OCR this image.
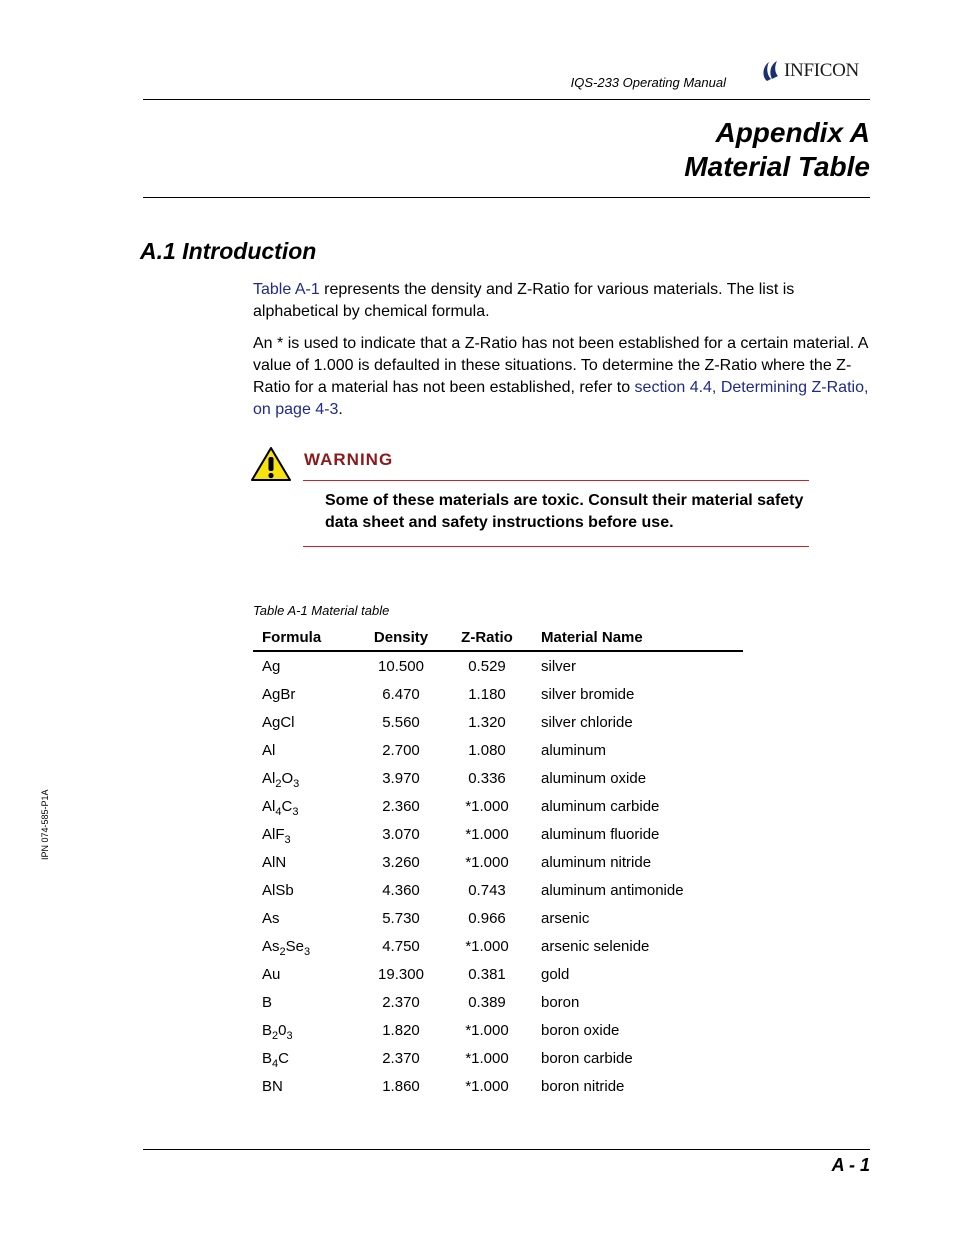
IQS-233 Operating Manual
INFICON
Appendix A
Material Table
A.1 Introduction
Table A-1 represents the density and Z-Ratio for various materials. The list is alphabetical by chemical formula.
An * is used to indicate that a Z-Ratio has not been established for a certain material. A value of 1.000 is defaulted in these situations. To determine the Z-Ratio where the Z-Ratio for a material has not been established, refer to section 4.4, Determining Z-Ratio, on page 4-3.
WARNING
Some of these materials are toxic. Consult their material safety data sheet and safety instructions before use.
Table A-1 Material table
Formula	Density	Z-Ratio	Material Name
Ag	10.500	0.529	silver
AgBr	6.470	1.180	silver bromide
AgCl	5.560	1.320	silver chloride
Al	2.700	1.080	aluminum
$Al_2O_3$	3.970	0.336	aluminum oxide
$Al_4C_3$	2.360	*1.000	aluminum carbide
AlF$_3$	3.070	*1.000	aluminum fluoride
AlN	3.260	*1.000	aluminum nitride
AlSb	4.360	0.743	aluminum antimonide
As	5.730	0.966	arsenic
$As_2Se_3$	4.750	*1.000	arsenic selenide
Au	19.300	0.381	gold
B	2.370	0.389	boron
$B_20_3$	1.820	*1.000	boron oxide
$B_4C$	2.370	*1.000	boron carbide
BN	1.860	*1.000	boron nitride
IPN 074-585-P1A
A - 1
